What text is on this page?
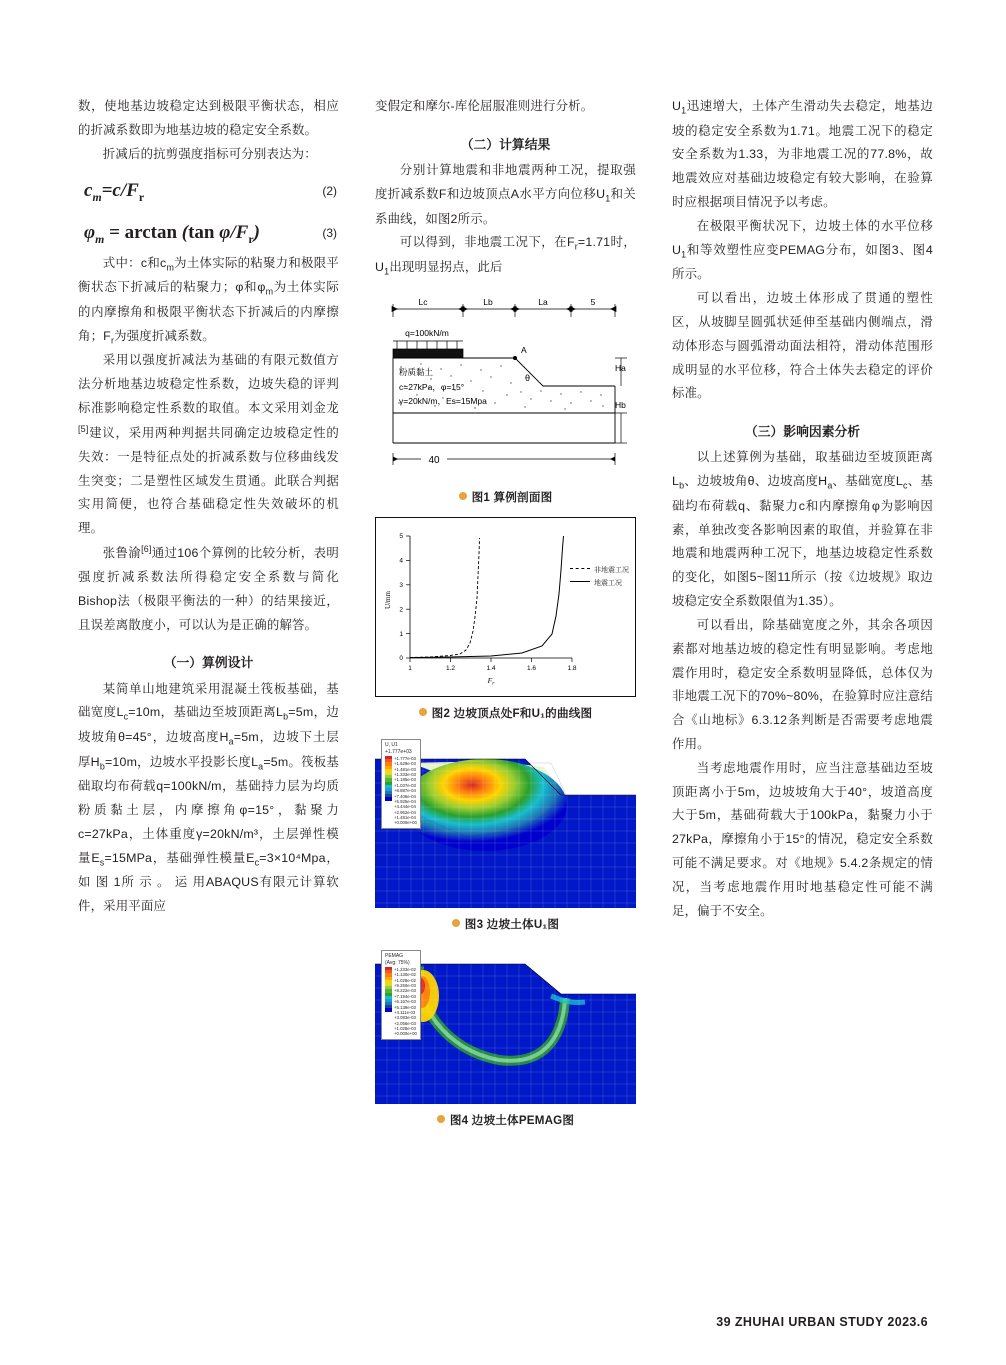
数，使地基边坡稳定达到极限平衡状态，相应的折减系数即为地基边坡的稳定安全系数。

折减后的抗剪强度指标可分别表达为：

$c_m=c/F_r$	(2)
$\varphi_m = \arctan (\tan$ $\varphi/F_r$)	(3)

式中：c和$c_m$为土体实际的粘聚力和极限平衡状态下折减后的粘聚力；φ和$\varphi_m$为土体实际的内摩擦角和极限平衡状态下折减后的内摩擦角；$F_r$为强度折减系数。

采用以强度折减法为基础的有限元数值方法分析地基边坡稳定性系数，边坡失稳的评判标准影响稳定性系数的取值。本文采用刘金龙[5]建议，采用两种判据共同确定边坡稳定性的失效：一是特征点处的折减系数与位移曲线发生突变；二是塑性区域发生贯通。此联合判据实用简便，也符合基础稳定性失效破坏的机理。

张鲁渝[6]通过106个算例的比较分析，表明强度折减系数法所得稳定安全系数与简化Bishop法（极限平衡法的一种）的结果接近，且误差离散度小，可以认为是正确的解答。

（一）算例设计

某简单山地建筑采用混凝土筏板基础，基础宽度$L_c=10m$，基础边至坡顶距离$L_b=5m$，边坡坡角θ=45°，边坡高度$H_a=5m$，边坡下土层厚$H_b=10m$，边坡水平投影长度$L_a=5m$。筏板基础取均布荷载q=100kN/m，基础持力层为均质粉质黏土层，内摩擦角φ=15°，黏聚力c=27kPa，土体重度γ=20kN/m³，土层弹性模量$E_s=15MPa$，基础弹性模量$E_c=3\times 10^4Mpa$，如 图 1所 示 。 运 用ABAQUS有限元计算软件，采用平面应

变假定和摩尔-库伦屈服准则进行分析。

（二）计算结果

分别计算地震和非地震两种工况，提取强度折减系数F和边坡顶点A水平方向位移$U_1$和关系曲线，如图2所示。

可以得到，非地震工况下，在$F_r=1.71$时，$U_1$出现明显拐点，此后

Lc	Lb	La	5
q=100kN/m
A
θ
粉质黏土
c=27kPa，φ=15°
γ=20kN/m，Es=15Mpa
Ha
Hb
40
图1 算例剖面图
0
1
2
3
4
5
1	1.2	1.4	1.6	1.8
$F_r$
U/mm
非地震工况
地震工况
图2 边坡顶点处F和U₁的曲线图
U, U1
+1.777e+03
+1.777e-03
+1.629e-03
+1.481e-03
+1.333e-03
+1.185e-03
+1.037e-03
+8.887e-04
+7.406e-04
+5.925e-04
+4.444e-04
+2.962e-04
+1.481e-04
+0.000e+00
图3 边坡土体U₁图
PEMAG
(Avg: 75%)
+1.233e-02
+1.130e-02
+1.028e-02
+9.250e-03
+8.222e-03
+7.194e-03
+6.167e-03
+5.139e-03
+4.111e-03
+3.083e-03
+2.056e-03
+1.028e-03
+0.000e+00
图4 边坡土体PEMAG图

$U_1$迅速增大，土体产生滑动失去稳定，地基边坡的稳定安全系数为1.71。地震工况下的稳定安全系数为1.33，为非地震工况的77.8%，故地震效应对基础边坡稳定有较大影响，在验算时应根据项目情况予以考虑。

在极限平衡状况下，边坡土体的水平位移$U_1$和等效塑性应变PEMAG分布，如图3、图4所示。

可以看出，边坡土体形成了贯通的塑性区，从坡脚呈圆弧状延伸至基础内侧端点，滑动体形态与圆弧滑动面法相符，滑动体范围形成明显的水平位移，符合土体失去稳定的评价标准。

（三）影响因素分析

以上述算例为基础，取基础边至坡顶距离$L_b$、边坡坡角θ、边坡高度$H_a$、基础宽度$L_c$、基础均布荷载q、黏聚力c和内摩擦角φ为影响因素，单独改变各影响因素的取值，并验算在非地震和地震两种工况下，地基边坡稳定性系数的变化，如图5~图11所示（按《边坡规》取边坡稳定安全系数限值为1.35）。

可以看出，除基础宽度之外，其余各项因素都对地基边坡的稳定性有明显影响。考虑地震作用时，稳定安全系数明显降低，总体仅为非地震工况下的70%~80%，在验算时应注意结合《山地标》6.3.12条判断是否需要考虑地震作用。

当考虑地震作用时，应当注意基础边至坡顶距离小于5m，边坡坡角大于40°，坡道高度大于5m，基础荷载大于100kPa，黏聚力小于27kPa，摩擦角小于15°的情况，稳定安全系数可能不满足要求。对《地规》5.4.2条规定的情况，当考虑地震作用时地基稳定性可能不满足，偏于不安全。

39 ZHUHAI URBAN STUDY 2023.6
